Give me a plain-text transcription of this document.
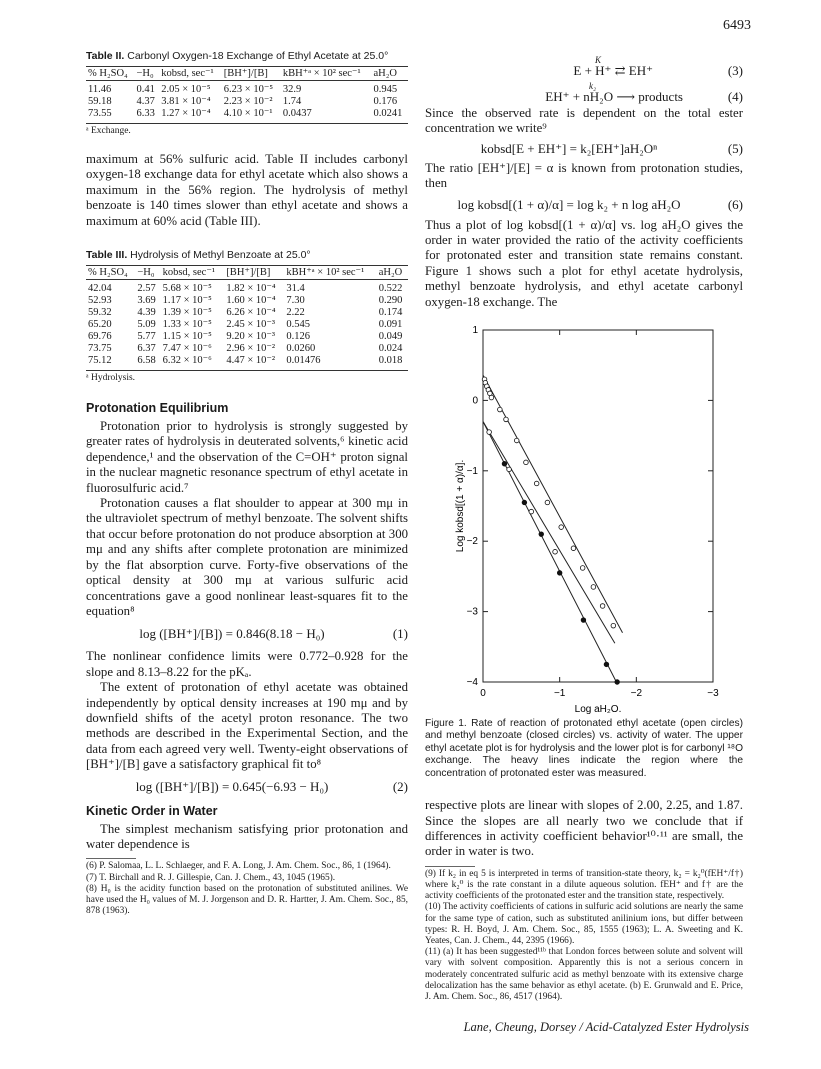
6493
Table II. Carbonyl Oxygen-18 Exchange of Ethyl Acetate at 25.0°
% H₂SO₄	−H₀	kobsd, sec⁻¹	[BH⁺]/[B]	kBH⁺ᵃ × 10² sec⁻¹	aH₂O
11.46	0.41	2.05 × 10⁻⁵	6.23 × 10⁻⁵	32.9	0.945
59.18	4.37	3.81 × 10⁻⁴	2.23 × 10⁻²	1.74	0.176
73.55	6.33	1.27 × 10⁻⁴	4.10 × 10⁻¹	0.0437	0.0241
ᵃ Exchange.

maximum at 56% sulfuric acid. Table II includes carbonyl oxygen-18 exchange data for ethyl acetate which also shows a maximum in the 56% region. The hydrolysis of methyl benzoate is 140 times slower than ethyl acetate and shows a maximum at 60% acid (Table III).

Table III. Hydrolysis of Methyl Benzoate at 25.0°
% H₂SO₄	−H₀	kobsd, sec⁻¹	[BH⁺]/[B]	kBH⁺ᵃ × 10² sec⁻¹	aH₂O
42.04	2.57	5.68 × 10⁻⁵	1.82 × 10⁻⁴	31.4	0.522
52.93	3.69	1.17 × 10⁻⁵	1.60 × 10⁻⁴	7.30	0.290
59.32	4.39	1.39 × 10⁻⁵	6.26 × 10⁻⁴	2.22	0.174
65.20	5.09	1.33 × 10⁻⁵	2.45 × 10⁻³	0.545	0.091
69.76	5.77	1.15 × 10⁻⁵	9.20 × 10⁻³	0.126	0.049
73.75	6.37	7.47 × 10⁻⁶	2.96 × 10⁻²	0.0260	0.024
75.12	6.58	6.32 × 10⁻⁶	4.47 × 10⁻²	0.01476	0.018
ᵃ Hydrolysis.
Protonation Equilibrium

Protonation prior to hydrolysis is strongly suggested by greater rates of hydrolysis in deuterated solvents,⁶ kinetic acid dependence,¹ and the observation of the C=OH⁺ proton signal in the nuclear magnetic resonance spectrum of ethyl acetate in fluorosulfuric acid.⁷

Protonation causes a flat shoulder to appear at 300 mμ in the ultraviolet spectrum of methyl benzoate. The solvent shifts that occur before protonation do not produce absorption at 300 mμ and any shifts after complete protonation are minimized by the flat absorption curve. Forty-five observations of the optical density at 300 mμ at various sulfuric acid concentrations gave a good nonlinear least-squares fit to the equation⁸

log ([BH⁺]/[B]) = 0.846(8.18 − H₀)	(1)

The nonlinear confidence limits were 0.772–0.928 for the slope and 8.13–8.22 for the pKₐ.

The extent of protonation of ethyl acetate was obtained independently by optical density increases at 190 mμ and by downfield shifts of the acetyl proton resonance. The two methods are described in the Experimental Section, and the data from each agreed very well. Twenty-eight observations of [BH⁺]/[B] gave a satisfactory graphical fit to⁸

log ([BH⁺]/[B]) = 0.645(−6.93 − H₀)	(2)
Kinetic Order in Water

The simplest mechanism satisfying prior protonation and water dependence is

(6) P. Salomaa, L. L. Schlaeger, and F. A. Long, J. Am. Chem. Soc., 86, 1 (1964).

(7) T. Birchall and R. J. Gillespie, Can. J. Chem., 43, 1045 (1965).

(8) H₀ is the acidity function based on the protonation of substituted anilines. We have used the H₀ values of M. J. Jorgenson and D. R. Hartter, J. Am. Chem. Soc., 85, 878 (1963).

E + H⁺ ⇄ EH⁺
K
(3)
EH⁺ + nH₂O ⟶ products
k₂
(4)

Since the observed rate is dependent on the total ester concentration we write⁹

kobsd[E + EH⁺] = k₂[EH⁺]aH₂Oⁿ	(5)

The ratio [EH⁺]/[E] = α is known from protonation studies, then

log kobsd[(1 + α)/α] = log k₂ + n log aH₂O	(6)

Thus a plot of log kobsd[(1 + α)/α] vs. log aH₂O gives the order in water provided the ratio of the activity coefficients for protonated ester and transition state remains constant. Figure 1 shows such a plot for ethyl acetate hydrolysis, methyl benzoate hydrolysis, and ethyl acetate carbonyl oxygen-18 exchange. The

1
0
−1
−2
−3
−4
0	−1	−2	−3
Log kobsd[(1 + α)/α].
Log aH₂O.
Figure 1. Rate of reaction of protonated ethyl acetate (open circles) and methyl benzoate (closed circles) vs. activity of water. The upper ethyl acetate plot is for hydrolysis and the lower plot is for carbonyl ¹⁸O exchange. The heavy lines indicate the region where the concentration of protonated ester was measured.

respective plots are linear with slopes of 2.00, 2.25, and 1.87. Since the slopes are all nearly two we conclude that if differences in activity coefficient behavior¹⁰·¹¹ are small, the order in water is two.

(9) If k₂ in eq 5 is interpreted in terms of transition-state theory, k₂ = k₂⁰(fEH⁺/f†) where k₂⁰ is the rate constant in a dilute aqueous solution. fEH⁺ and f† are the activity coefficients of the protonated ester and the transition state, respectively.

(10) The activity coefficients of cations in sulfuric acid solutions are nearly the same for the same type of cation, such as substituted anilinium ions, but differ between types: R. H. Boyd, J. Am. Chem. Soc., 85, 1555 (1963); L. A. Sweeting and K. Yeates, Can. J. Chem., 44, 2395 (1966).

(11) (a) It has been suggested¹¹ᵇ that London forces between solute and solvent will vary with solvent composition. Apparently this is not a serious concern in moderately concentrated sulfuric acid as methyl benzoate with its extensive charge delocalization has the same behavior as ethyl acetate. (b) E. Grunwald and E. Price, J. Am. Chem. Soc., 86, 4517 (1964).

Lane, Cheung, Dorsey / Acid-Catalyzed Ester Hydrolysis
